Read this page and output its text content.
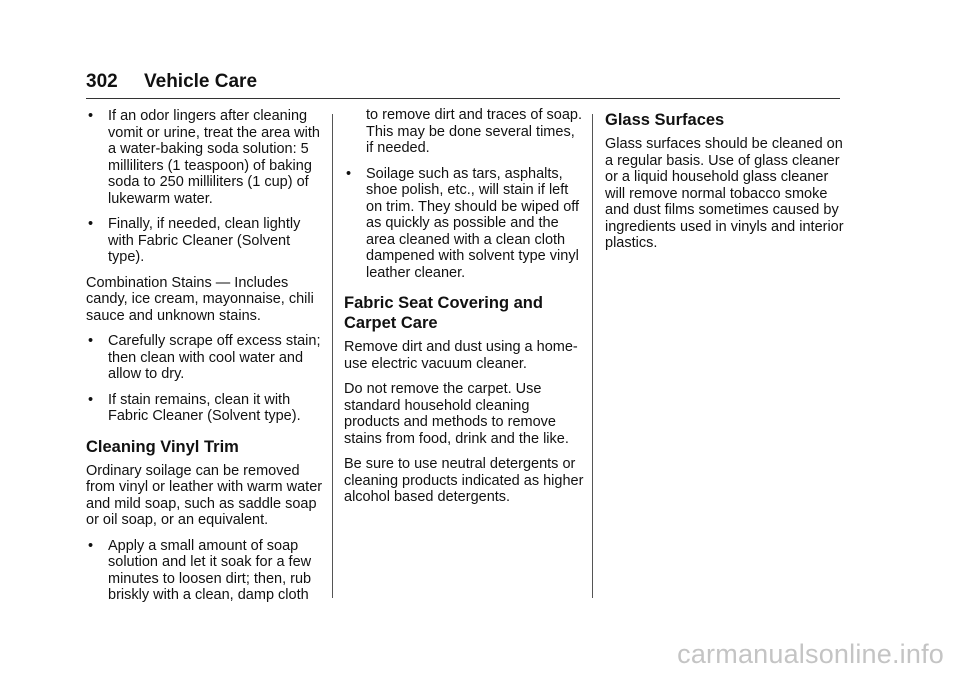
302 Vehicle Care
• If an odor lingers after cleaning vomit or urine, treat the area with a water-baking soda solution: 5 milliliters (1 teaspoon) of baking soda to 250 milliliters (1 cup) of lukewarm water.
• Finally, if needed, clean lightly with Fabric Cleaner (Solvent type).

Combination Stains — Includes candy, ice cream, mayonnaise, chili sauce and unknown stains.

• Carefully scrape off excess stain; then clean with cool water and allow to dry.
• If stain remains, clean it with Fabric Cleaner (Solvent type).
Cleaning Vinyl Trim

Ordinary soilage can be removed from vinyl or leather with warm water and mild soap, such as saddle soap or oil soap, or an equivalent.

• Apply a small amount of soap solution and let it soak for a few minutes to loosen dirt; then, rub briskly with a clean, damp cloth
to remove dirt and traces of soap. This may be done several times, if needed.
• Soilage such as tars, asphalts, shoe polish, etc., will stain if left on trim. They should be wiped off as quickly as possible and the area cleaned with a clean cloth dampened with solvent type vinyl leather cleaner.
Fabric Seat Covering and Carpet Care

Remove dirt and dust using a home-use electric vacuum cleaner.

Do not remove the carpet. Use standard household cleaning products and methods to remove stains from food, drink and the like.

Be sure to use neutral detergents or cleaning products indicated as higher alcohol based detergents.

Glass Surfaces

Glass surfaces should be cleaned on a regular basis. Use of glass cleaner or a liquid household glass cleaner will remove normal tobacco smoke and dust films sometimes caused by ingredients used in vinyls and interior plastics.

carmanualsonline.info
